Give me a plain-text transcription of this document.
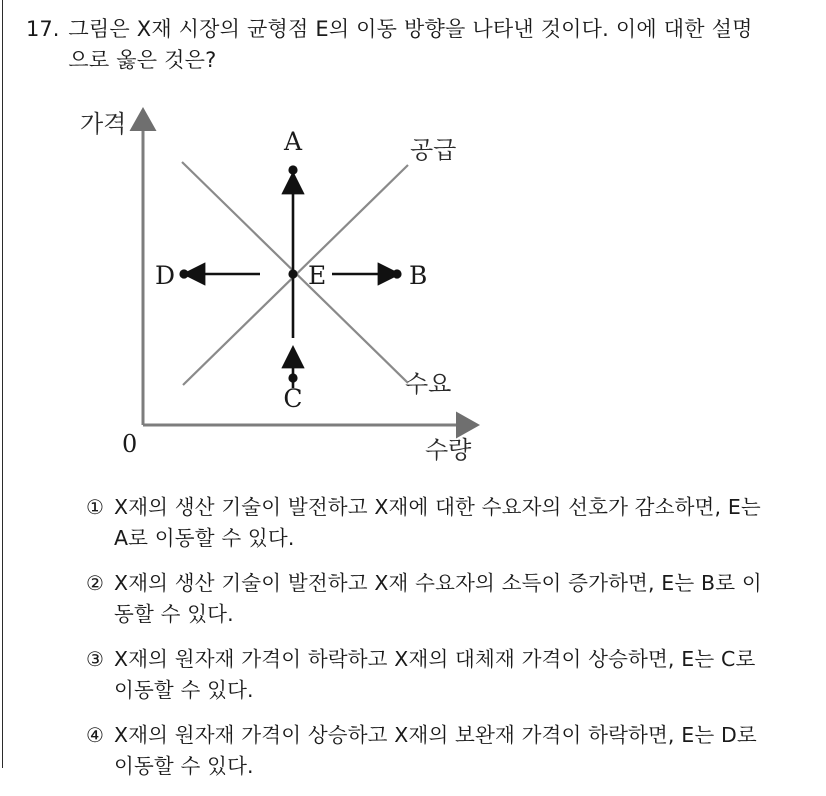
17. 그림은 X재 시장의 균형점 E의 이동 방향을 나타낸 것이다. 이에 대한 설명으로 옳은 것은?
A
C
B
D	E
0
가격
수량
공급
수요
① X재의 생산 기술이 발전하고 X재에 대한 수요자의 선호가 감소하면, E는 A로 이동할 수 있다.
② X재의 생산 기술이 발전하고 X재 수요자의 소득이 증가하면, E는 B로 이동할 수 있다.
③ X재의 원자재 가격이 하락하고 X재의 대체재 가격이 상승하면, E는 C로 이동할 수 있다.
④ X재의 원자재 가격이 상승하고 X재의 보완재 가격이 하락하면, E는 D로 이동할 수 있다.
